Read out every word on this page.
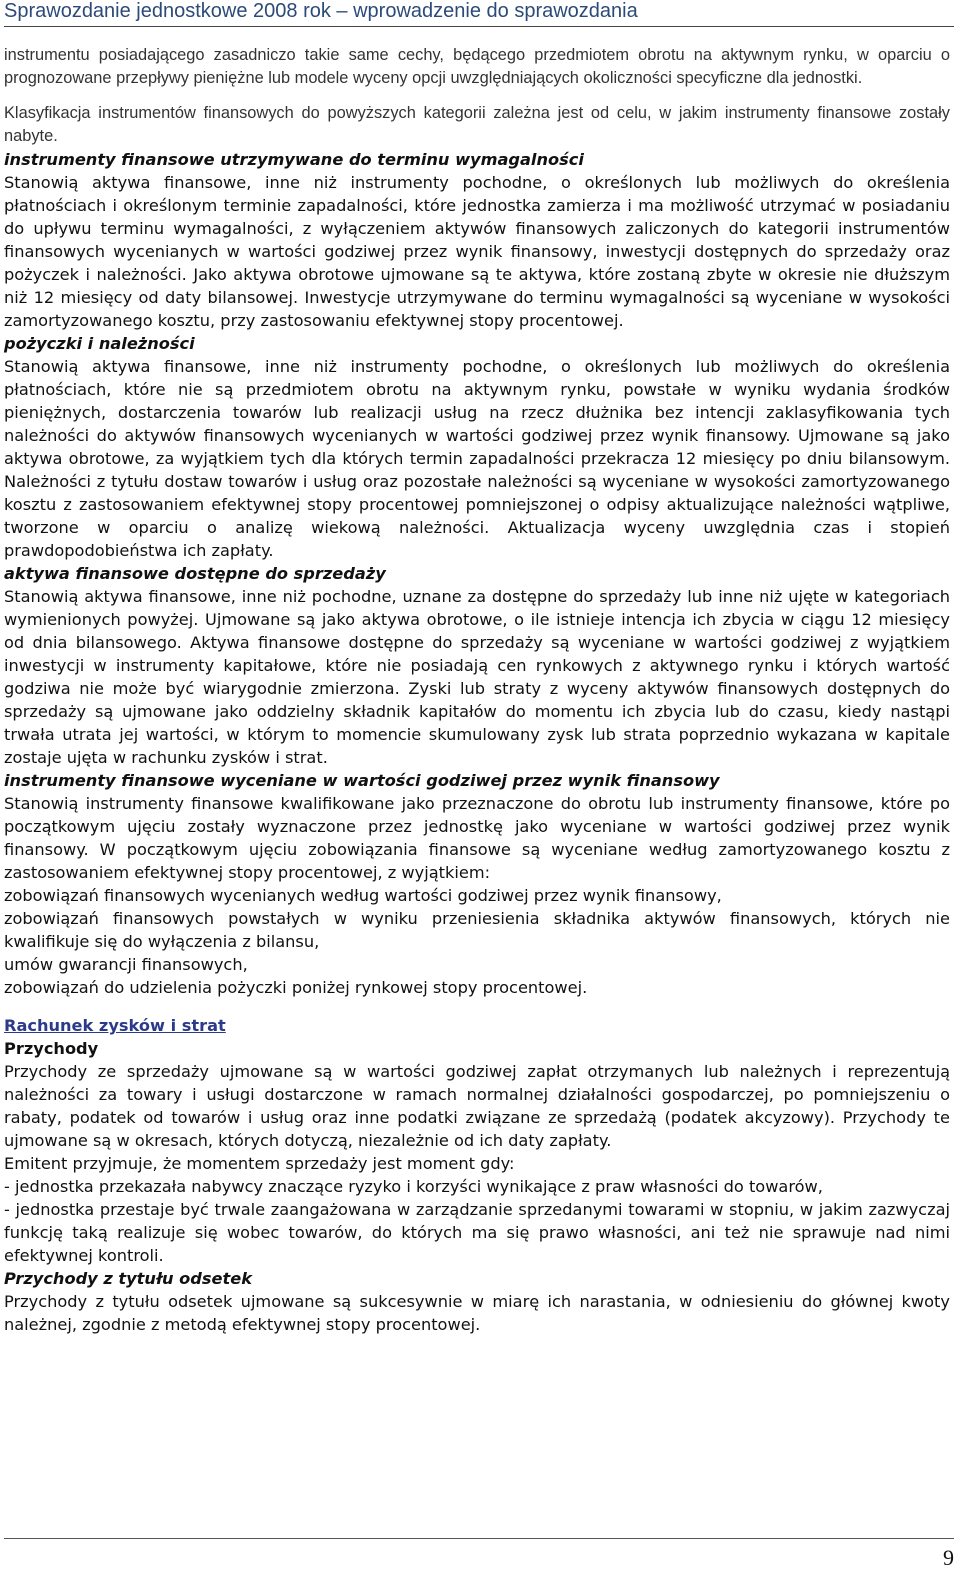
Sprawozdanie jednostkowe 2008 rok – wprowadzenie do sprawozdania

instrumentu posiadającego zasadniczo takie same cechy, będącego przedmiotem obrotu na aktywnym rynku, w oparciu o prognozowane przepływy pieniężne lub modele wyceny opcji uwzględniających okoliczności specyficzne dla jednostki.

Klasyfikacja instrumentów finansowych do powyższych kategorii zależna jest od celu, w jakim instrumenty finansowe zostały nabyte.

instrumenty finansowe utrzymywane do terminu wymagalności

Stanowią aktywa finansowe, inne niż instrumenty pochodne, o określonych lub możliwych do określenia płatnościach i określonym terminie zapadalności, które jednostka zamierza i ma możliwość utrzymać w posiadaniu do upływu terminu wymagalności, z wyłączeniem aktywów finansowych zaliczonych do kategorii instrumentów finansowych wycenianych w wartości godziwej przez wynik finansowy, inwestycji dostępnych do sprzedaży oraz pożyczek i należności. Jako aktywa obrotowe ujmowane są te aktywa, które zostaną zbyte w okresie nie dłuższym niż 12 miesięcy od daty bilansowej. Inwestycje utrzymywane do terminu wymagalności są wyceniane w wysokości zamortyzowanego kosztu, przy zastosowaniu efektywnej stopy procentowej.

pożyczki i należności

Stanowią aktywa finansowe, inne niż instrumenty pochodne, o określonych lub możliwych do określenia płatnościach, które nie są przedmiotem obrotu na aktywnym rynku, powstałe w wyniku wydania środków pieniężnych, dostarczenia towarów lub realizacji usług na rzecz dłużnika bez intencji zaklasyfikowania tych należności do aktywów finansowych wycenianych w wartości godziwej przez wynik finansowy. Ujmowane są jako aktywa obrotowe, za wyjątkiem tych dla których termin zapadalności przekracza 12 miesięcy po dniu bilansowym. Należności z tytułu dostaw towarów i usług oraz pozostałe należności są wyceniane w wysokości zamortyzowanego kosztu z zastosowaniem efektywnej stopy procentowej pomniejszonej o odpisy aktualizujące należności wątpliwe, tworzone w oparciu o analizę wiekową należności. Aktualizacja wyceny uwzględnia czas i stopień prawdopodobieństwa ich zapłaty.

aktywa finansowe dostępne do sprzedaży

Stanowią aktywa finansowe, inne niż pochodne, uznane za dostępne do sprzedaży lub inne niż ujęte w kategoriach wymienionych powyżej. Ujmowane są jako aktywa obrotowe, o ile istnieje intencja ich zbycia w ciągu 12 miesięcy od dnia bilansowego. Aktywa finansowe dostępne do sprzedaży są wyceniane w wartości godziwej z wyjątkiem inwestycji w instrumenty kapitałowe, które nie posiadają cen rynkowych z aktywnego rynku i których wartość godziwa nie może być wiarygodnie zmierzona. Zyski lub straty z wyceny aktywów finansowych dostępnych do sprzedaży są ujmowane jako oddzielny składnik kapitałów do momentu ich zbycia lub do czasu, kiedy nastąpi trwała utrata jej wartości, w którym to momencie skumulowany zysk lub strata poprzednio wykazana w kapitale zostaje ujęta w rachunku zysków i strat.

instrumenty finansowe wyceniane w wartości godziwej przez wynik finansowy

Stanowią instrumenty finansowe kwalifikowane jako przeznaczone do obrotu lub instrumenty finansowe, które po początkowym ujęciu zostały wyznaczone przez jednostkę jako wyceniane w wartości godziwej przez wynik finansowy. W początkowym ujęciu zobowiązania finansowe są wyceniane według zamortyzowanego kosztu z zastosowaniem efektywnej stopy procentowej, z wyjątkiem:

zobowiązań finansowych wycenianych według wartości godziwej przez wynik finansowy,

zobowiązań finansowych powstałych w wyniku przeniesienia składnika aktywów finansowych, których nie kwalifikuje się do wyłączenia z bilansu,

umów gwarancji finansowych,

zobowiązań do udzielenia pożyczki poniżej rynkowej stopy procentowej.

Rachunek zysków i strat
Przychody

Przychody ze sprzedaży ujmowane są w wartości godziwej zapłat otrzymanych lub należnych i reprezentują należności za towary i usługi dostarczone w ramach normalnej działalności gospodarczej, po pomniejszeniu o rabaty, podatek od towarów i usług oraz inne podatki związane ze sprzedażą (podatek akcyzowy). Przychody te ujmowane są w okresach, których dotyczą, niezależnie od ich daty zapłaty.

Emitent przyjmuje, że momentem sprzedaży jest moment gdy:

- jednostka przekazała nabywcy znaczące ryzyko i korzyści wynikające z praw własności do towarów,

- jednostka przestaje być trwale zaangażowana w zarządzanie sprzedanymi towarami w stopniu, w jakim zazwyczaj funkcję taką realizuje się wobec towarów, do których ma się prawo własności, ani też nie sprawuje nad nimi efektywnej kontroli.

Przychody z tytułu odsetek

Przychody z tytułu odsetek ujmowane są sukcesywnie w miarę ich narastania, w odniesieniu do głównej kwoty należnej, zgodnie z metodą efektywnej stopy procentowej.

9
